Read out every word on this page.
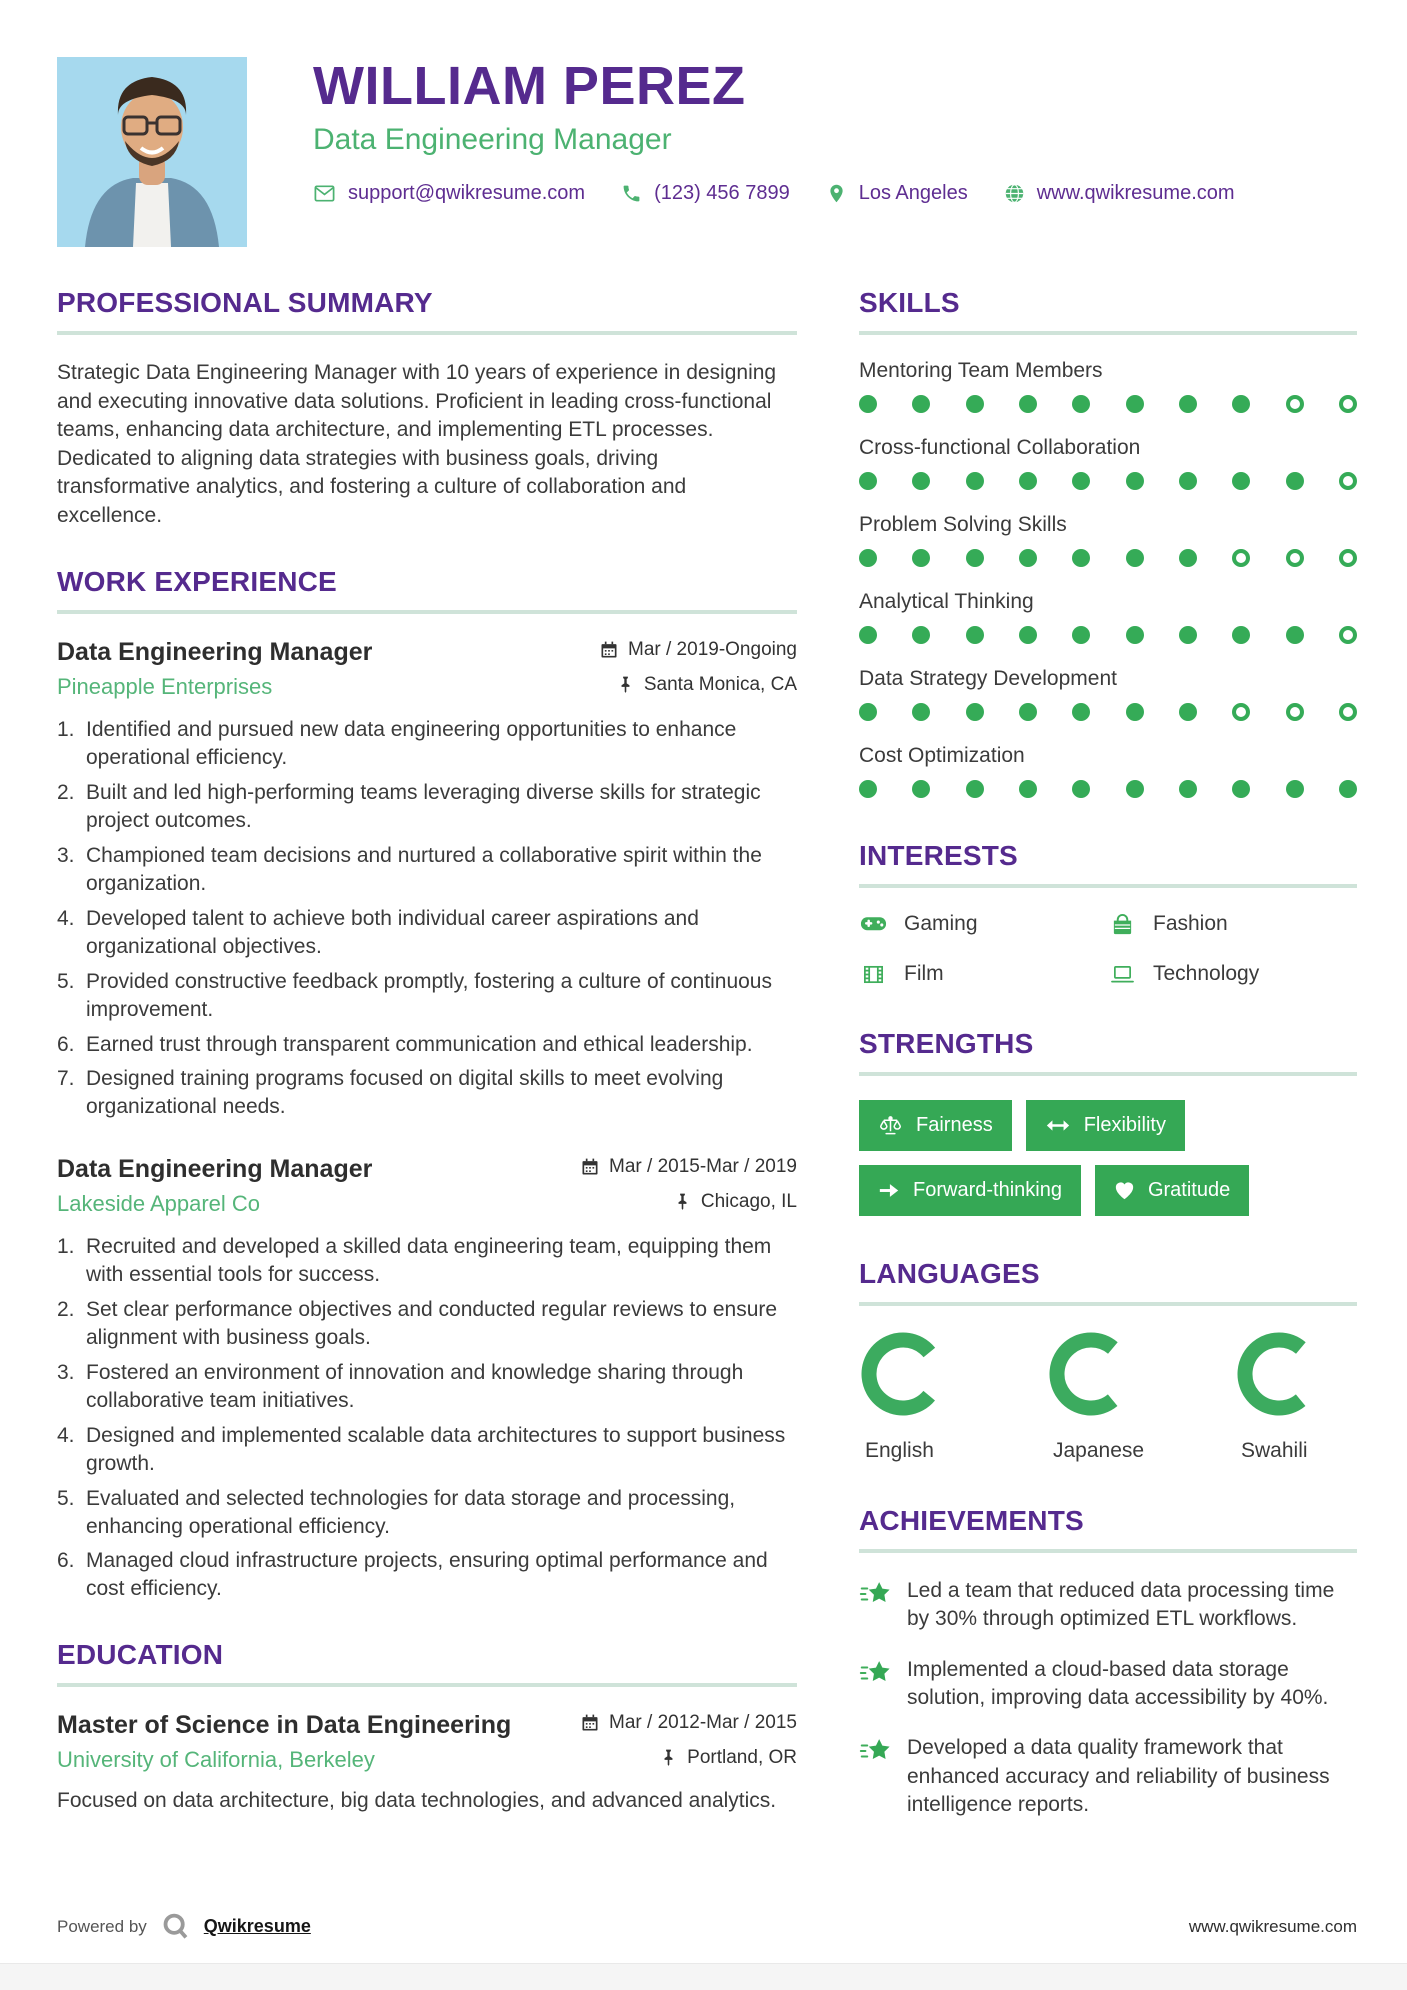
WILLIAM PEREZ
Data Engineering Manager
support@qwikresume.com	(123) 456 7899	Los Angeles	www.qwikresume.com
PROFESSIONAL SUMMARY

Strategic Data Engineering Manager with 10 years of experience in designing and executing innovative data solutions. Proficient in leading cross-functional teams, enhancing data architecture, and implementing ETL processes. Dedicated to aligning data strategies with business goals, driving transformative analytics, and fostering a culture of collaboration and excellence.

WORK EXPERIENCE
Data Engineering Manager	Mar / 2019-Ongoing
Pineapple Enterprises	Santa Monica, CA
1. Identified and pursued new data engineering opportunities to enhance operational efficiency.
2. Built and led high-performing teams leveraging diverse skills for strategic project outcomes.
3. Championed team decisions and nurtured a collaborative spirit within the organization.
4. Developed talent to achieve both individual career aspirations and organizational objectives.
5. Provided constructive feedback promptly, fostering a culture of continuous improvement.
6. Earned trust through transparent communication and ethical leadership.
7. Designed training programs focused on digital skills to meet evolving organizational needs.
Data Engineering Manager	Mar / 2015-Mar / 2019
Lakeside Apparel Co	Chicago, IL
1. Recruited and developed a skilled data engineering team, equipping them with essential tools for success.
2. Set clear performance objectives and conducted regular reviews to ensure alignment with business goals.
3. Fostered an environment of innovation and knowledge sharing through collaborative team initiatives.
4. Designed and implemented scalable data architectures to support business growth.
5. Evaluated and selected technologies for data storage and processing, enhancing operational efficiency.
6. Managed cloud infrastructure projects, ensuring optimal performance and cost efficiency.
EDUCATION
Master of Science in Data Engineering	Mar / 2012-Mar / 2015
University of California, Berkeley	Portland, OR

Focused on data architecture, big data technologies, and advanced analytics.

SKILLS
Mentoring Team Members
Cross-functional Collaboration
Problem Solving Skills
Analytical Thinking
Data Strategy Development
Cost Optimization
INTERESTS
Gaming	Fashion
Film	Technology
STRENGTHS
Fairness	Flexibility
Forward-thinking	Gratitude
LANGUAGES
English	Japanese	Swahili
ACHIEVEMENTS

Led a team that reduced data processing time by 30% through optimized ETL workflows.

Implemented a cloud-based data storage solution, improving data accessibility by 40%.

Developed a data quality framework that enhanced accuracy and reliability of business intelligence reports.

Powered by	Qwikresume	www.qwikresume.com
